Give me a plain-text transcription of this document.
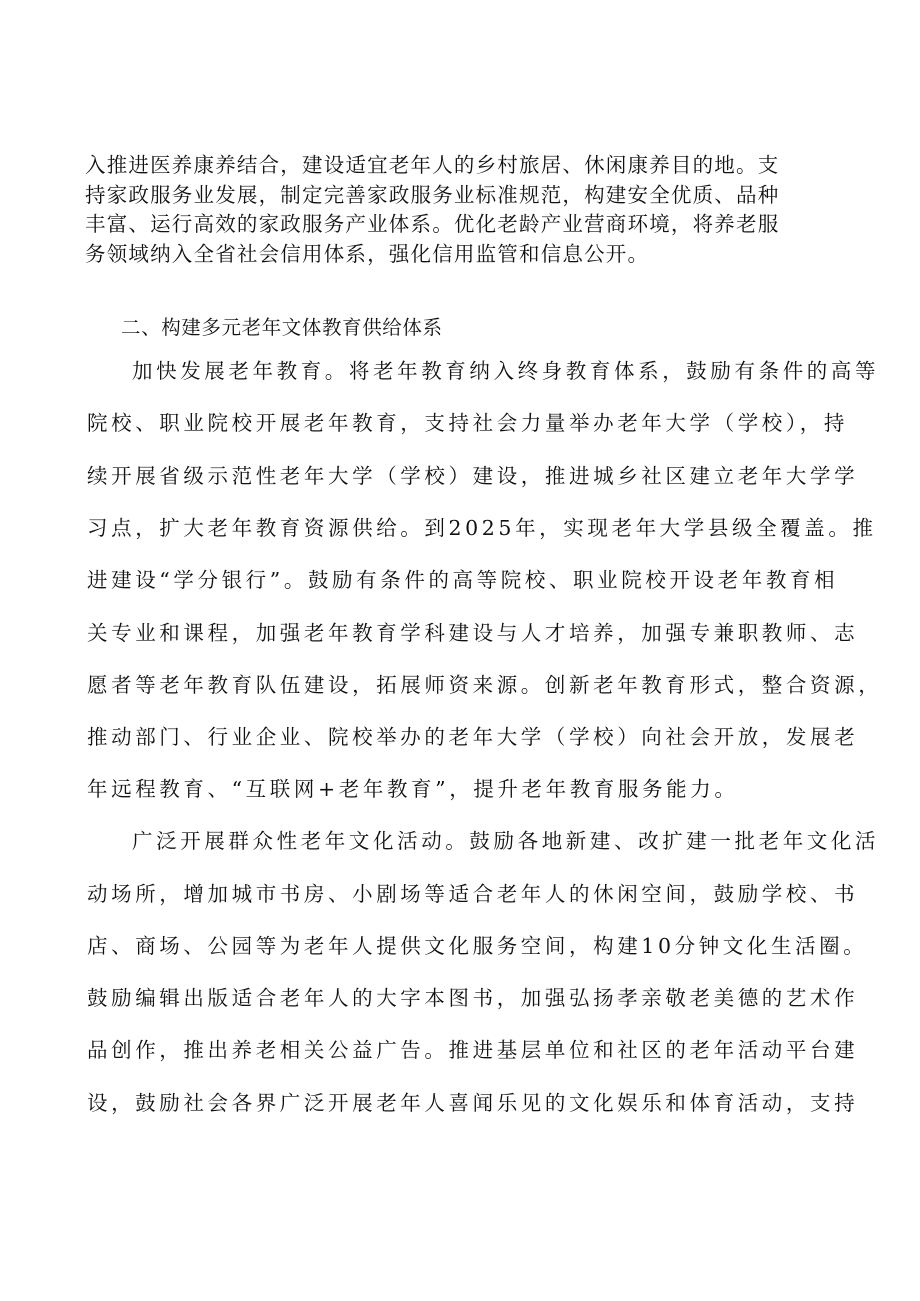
入推进医养康养结合，建设适宜老年人的乡村旅居、休闲康养目的地。支
持家政服务业发展，制定完善家政服务业标准规范，构建安全优质、品种
丰富、运行高效的家政服务产业体系。优化老龄产业营商环境，将养老服
务领域纳入全省社会信用体系，强化信用监管和信息公开。
二、构建多元老年文体教育供给体系
加快发展老年教育。将老年教育纳入终身教育体系，鼓励有条件的高等
院校、职业院校开展老年教育，支持社会力量举办老年大学（学校），持
续开展省级示范性老年大学（学校）建设，推进城乡社区建立老年大学学
习点，扩大老年教育资源供给。到2025年，实现老年大学县级全覆盖。推
进建设“学分银行”。鼓励有条件的高等院校、职业院校开设老年教育相
关专业和课程，加强老年教育学科建设与人才培养，加强专兼职教师、志
愿者等老年教育队伍建设，拓展师资来源。创新老年教育形式，整合资源，
推动部门、行业企业、院校举办的老年大学（学校）向社会开放，发展老
年远程教育、“互联网+老年教育”，提升老年教育服务能力。
广泛开展群众性老年文化活动。鼓励各地新建、改扩建一批老年文化活
动场所，增加城市书房、小剧场等适合老年人的休闲空间，鼓励学校、书
店、商场、公园等为老年人提供文化服务空间，构建10分钟文化生活圈。
鼓励编辑出版适合老年人的大字本图书，加强弘扬孝亲敬老美德的艺术作
品创作，推出养老相关公益广告。推进基层单位和社区的老年活动平台建
设，鼓励社会各界广泛开展老年人喜闻乐见的文化娱乐和体育活动，支持
